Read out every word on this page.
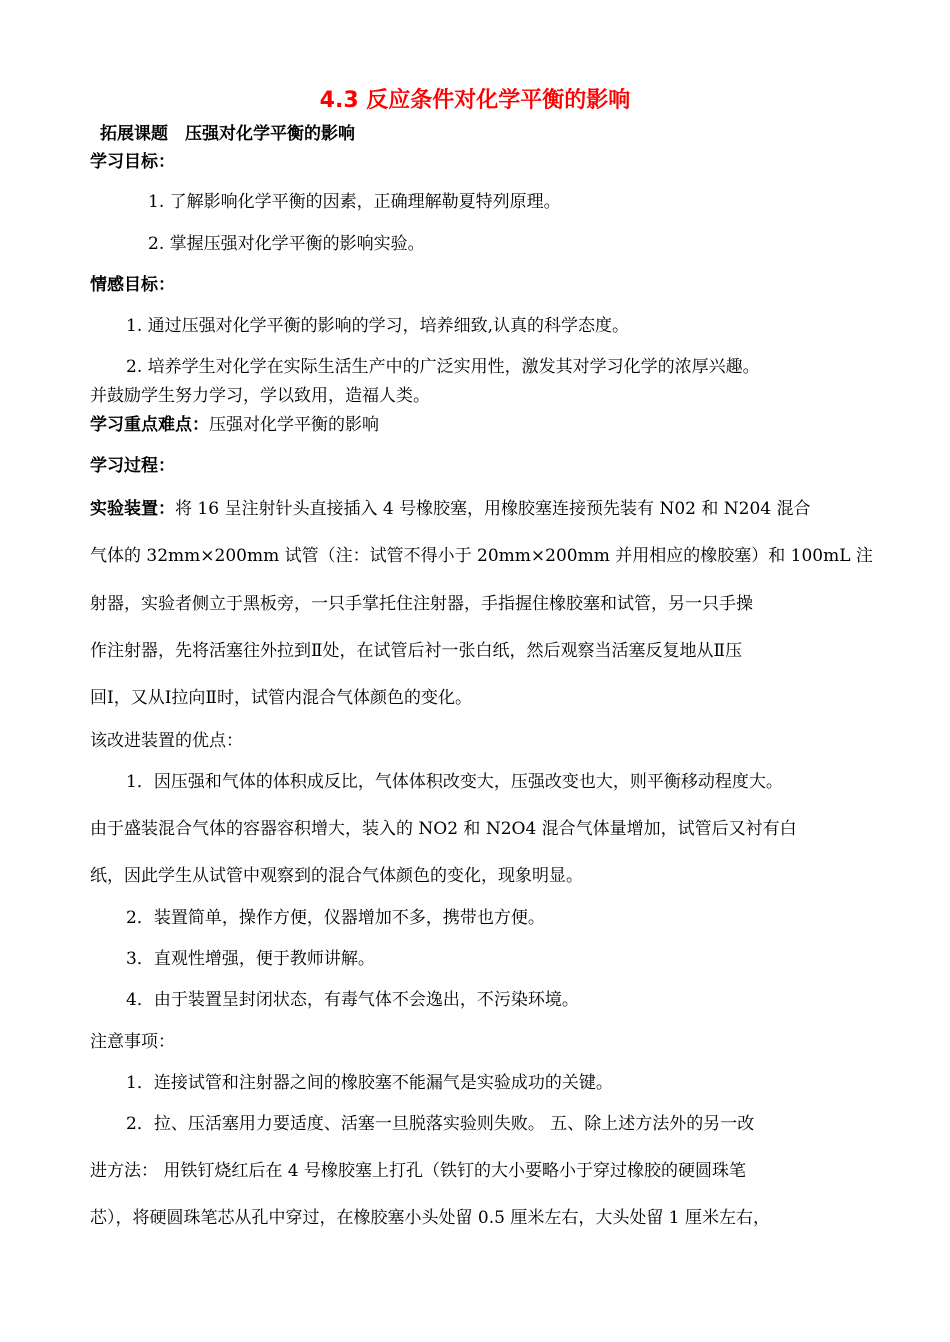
4.3 反应条件对化学平衡的影响
拓展课题　压强对化学平衡的影响
学习目标：
1. 了解影响化学平衡的因素，正确理解勒夏特列原理。
2. 掌握压强对化学平衡的影响实验。
情感目标：
1. 通过压强对化学平衡的影响的学习，培养细致,认真的科学态度。
2. 培养学生对化学在实际生活生产中的广泛实用性，激发其对学习化学的浓厚兴趣。
并鼓励学生努力学习，学以致用，造福人类。
学习重点难点：压强对化学平衡的影响
学习过程：
实验装置：将 16 呈注射针头直接插入 4 号橡胶塞，用橡胶塞连接预先装有 N02 和 N204 混合
气体的 32mm×200mm 试管（注：试管不得小于 20mm×200mm 并用相应的橡胶塞）和 100mL 注
射器，实验者侧立于黑板旁，一只手掌托住注射器，手指握住橡胶塞和试管，另一只手操
作注射器，先将活塞往外拉到Ⅱ处，在试管后衬一张白纸，然后观察当活塞反复地从Ⅱ压
回Ⅰ，又从Ⅰ拉向Ⅱ时，试管内混合气体颜色的变化。
该改进装置的优点：
1．因压强和气体的体积成反比，气体体积改变大，压强改变也大，则平衡移动程度大。
由于盛装混合气体的容器容积增大，装入的 NO2 和 N2O4 混合气体量增加，试管后又衬有白
纸，因此学生从试管中观察到的混合气体颜色的变化，现象明显。
2．装置简单，操作方便，仪器增加不多，携带也方便。
3．直观性增强，便于教师讲解。
4．由于装置呈封闭状态，有毒气体不会逸出，不污染环境。
注意事项：
1．连接试管和注射器之间的橡胶塞不能漏气是实验成功的关键。
2．拉、压活塞用力要适度、活塞一旦脱落实验则失败。 五、除上述方法外的另一改
进方法： 用铁钉烧红后在 4 号橡胶塞上打孔（铁钉的大小要略小于穿过橡胶的硬圆珠笔
芯），将硬圆珠笔芯从孔中穿过，在橡胶塞小头处留 0.5 厘米左右，大头处留 1 厘米左右，
